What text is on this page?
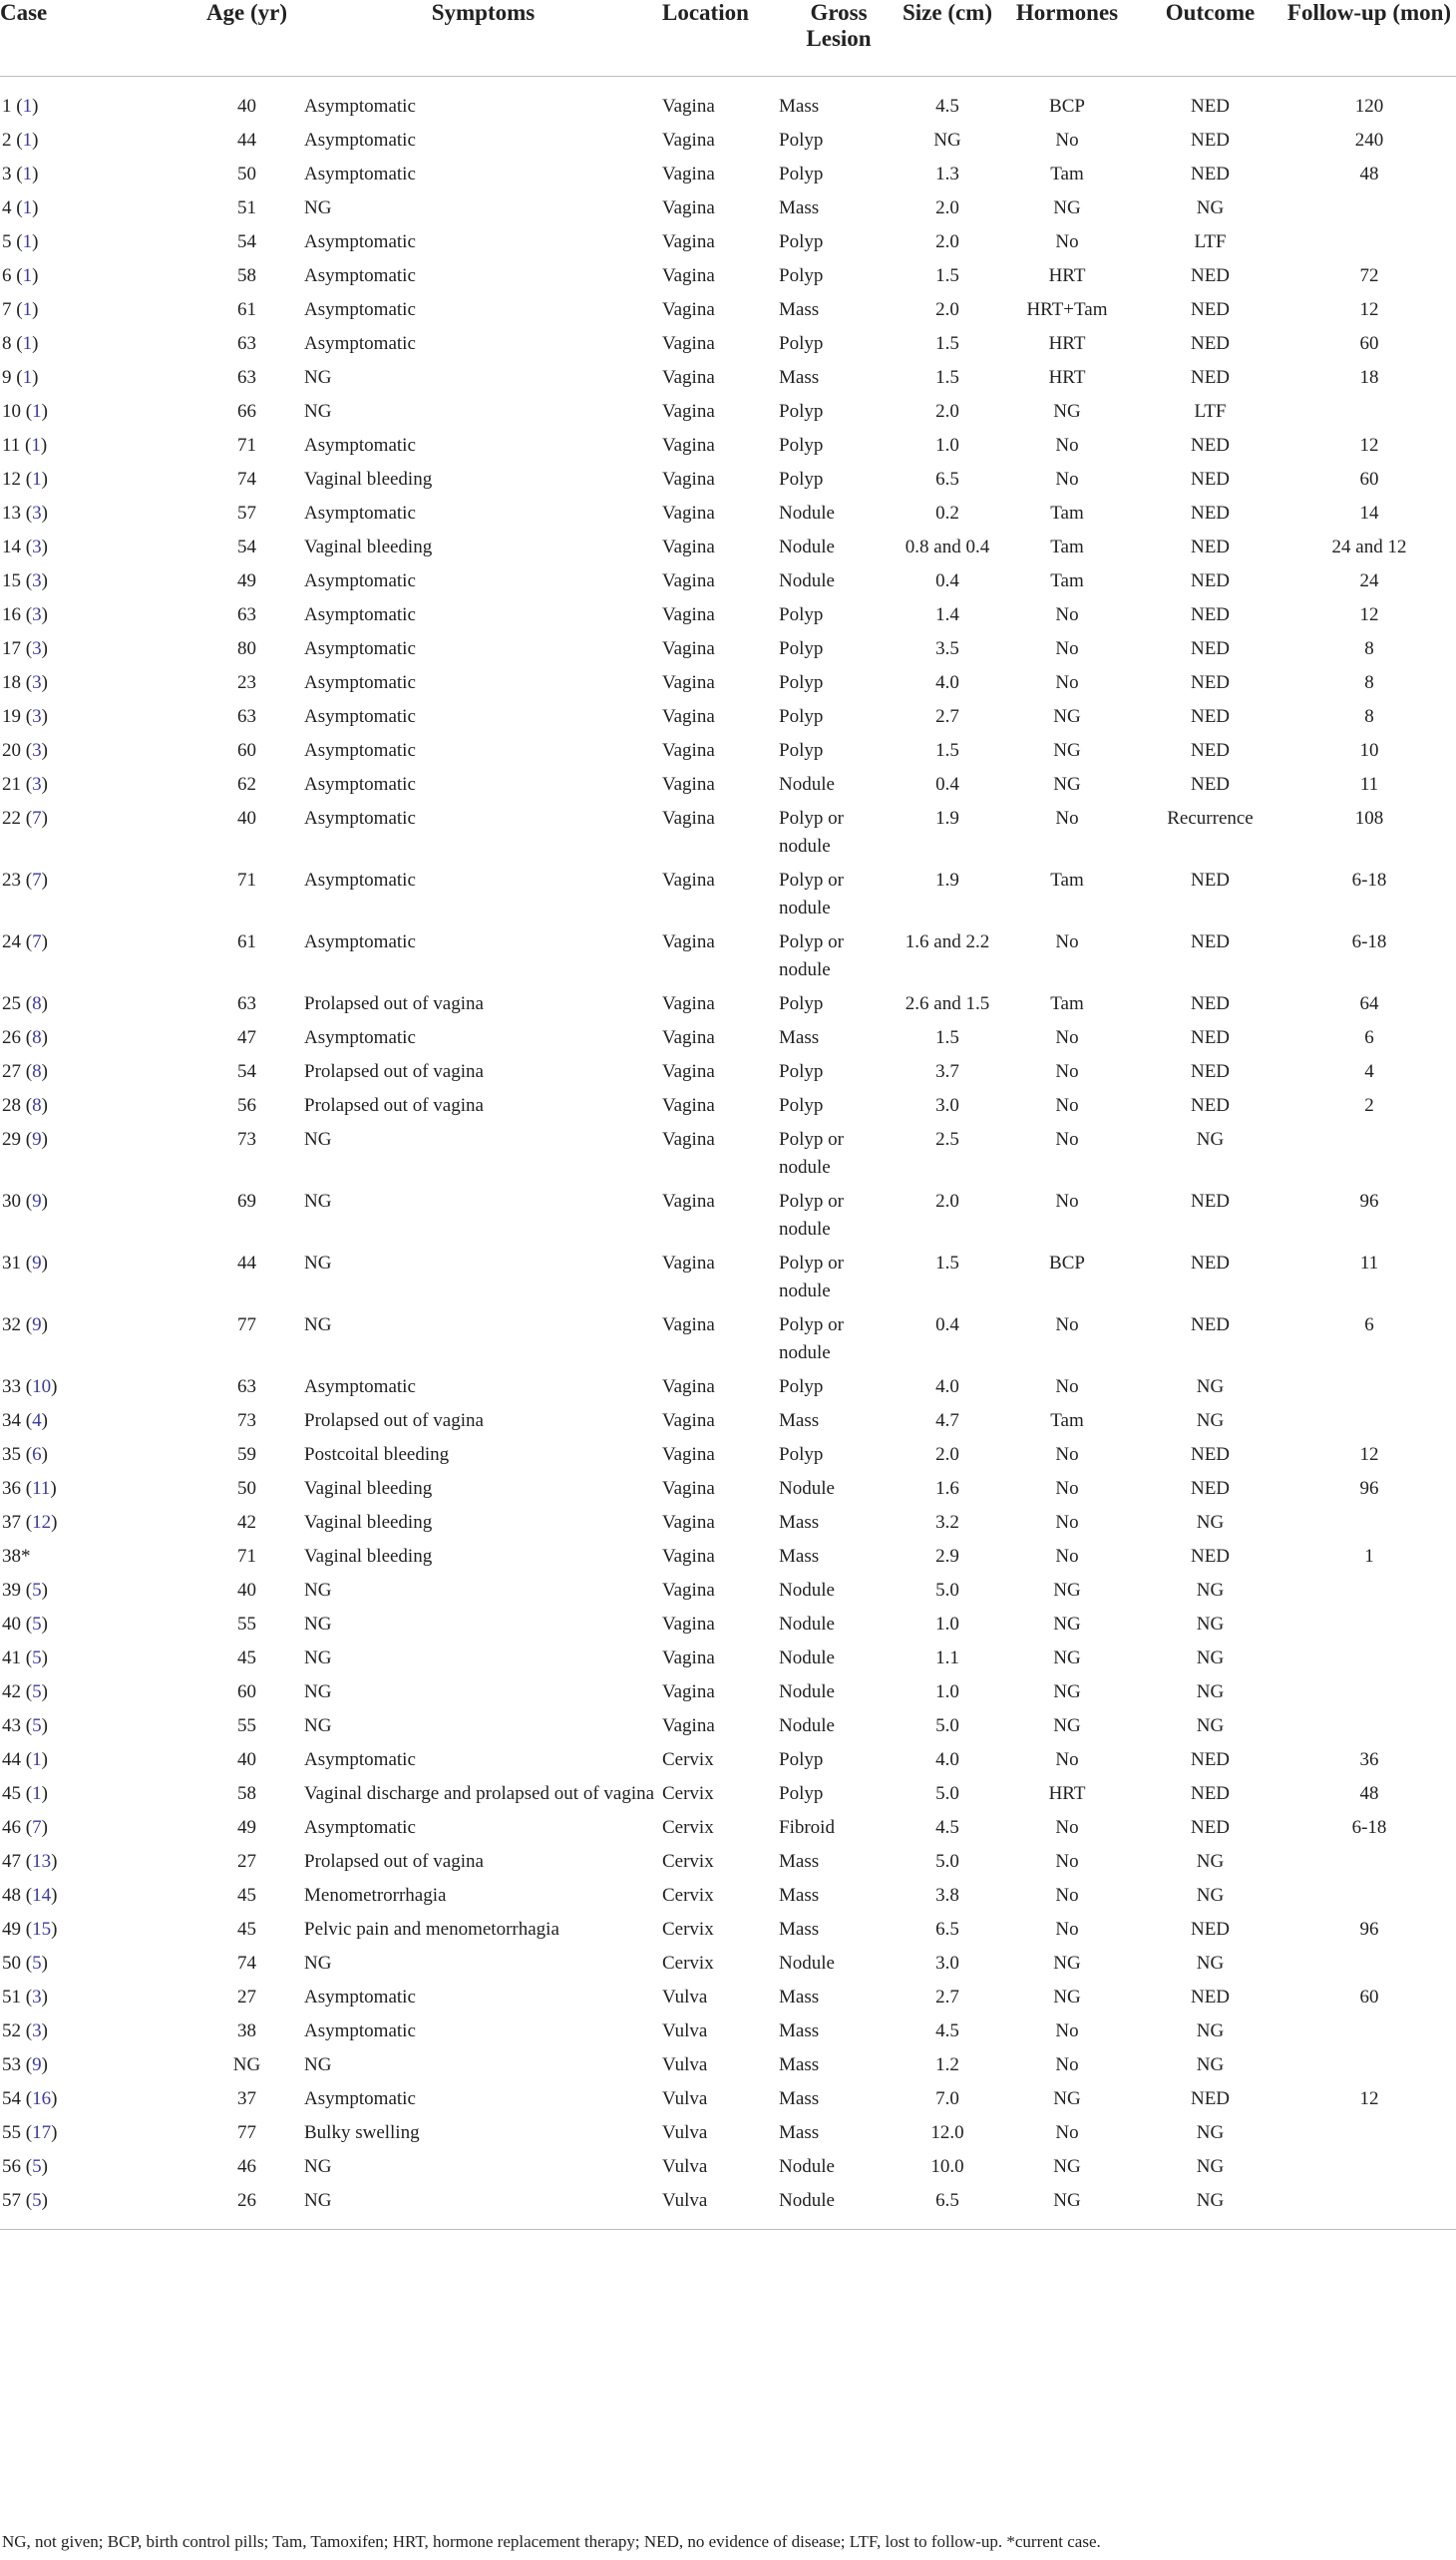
Case	Age (yr)	Symptoms	Location	Gross Lesion	Size (cm)	Hormones	Outcome	Follow-up (mon)
1 (1)	40	Asymptomatic	Vagina	Mass	4.5	BCP	NED	120
2 (1)	44	Asymptomatic	Vagina	Polyp	NG	No	NED	240
3 (1)	50	Asymptomatic	Vagina	Polyp	1.3	Tam	NED	48
4 (1)	51	NG	Vagina	Mass	2.0	NG	NG	
5 (1)	54	Asymptomatic	Vagina	Polyp	2.0	No	LTF	
6 (1)	58	Asymptomatic	Vagina	Polyp	1.5	HRT	NED	72
7 (1)	61	Asymptomatic	Vagina	Mass	2.0	HRT+Tam	NED	12
8 (1)	63	Asymptomatic	Vagina	Polyp	1.5	HRT	NED	60
9 (1)	63	NG	Vagina	Mass	1.5	HRT	NED	18
10 (1)	66	NG	Vagina	Polyp	2.0	NG	LTF	
11 (1)	71	Asymptomatic	Vagina	Polyp	1.0	No	NED	12
12 (1)	74	Vaginal bleeding	Vagina	Polyp	6.5	No	NED	60
13 (3)	57	Asymptomatic	Vagina	Nodule	0.2	Tam	NED	14
14 (3)	54	Vaginal bleeding	Vagina	Nodule	0.8 and 0.4	Tam	NED	24 and 12
15 (3)	49	Asymptomatic	Vagina	Nodule	0.4	Tam	NED	24
16 (3)	63	Asymptomatic	Vagina	Polyp	1.4	No	NED	12
17 (3)	80	Asymptomatic	Vagina	Polyp	3.5	No	NED	8
18 (3)	23	Asymptomatic	Vagina	Polyp	4.0	No	NED	8
19 (3)	63	Asymptomatic	Vagina	Polyp	2.7	NG	NED	8
20 (3)	60	Asymptomatic	Vagina	Polyp	1.5	NG	NED	10
21 (3)	62	Asymptomatic	Vagina	Nodule	0.4	NG	NED	11
22 (7)	40	Asymptomatic	Vagina	Polyp or nodule	1.9	No	Recurrence	108
23 (7)	71	Asymptomatic	Vagina	Polyp or nodule	1.9	Tam	NED	6-18
24 (7)	61	Asymptomatic	Vagina	Polyp or nodule	1.6 and 2.2	No	NED	6-18
25 (8)	63	Prolapsed out of vagina	Vagina	Polyp	2.6 and 1.5	Tam	NED	64
26 (8)	47	Asymptomatic	Vagina	Mass	1.5	No	NED	6
27 (8)	54	Prolapsed out of vagina	Vagina	Polyp	3.7	No	NED	4
28 (8)	56	Prolapsed out of vagina	Vagina	Polyp	3.0	No	NED	2
29 (9)	73	NG	Vagina	Polyp or nodule	2.5	No	NG	
30 (9)	69	NG	Vagina	Polyp or nodule	2.0	No	NED	96
31 (9)	44	NG	Vagina	Polyp or nodule	1.5	BCP	NED	11
32 (9)	77	NG	Vagina	Polyp or nodule	0.4	No	NED	6
33 (10)	63	Asymptomatic	Vagina	Polyp	4.0	No	NG	
34 (4)	73	Prolapsed out of vagina	Vagina	Mass	4.7	Tam	NG	
35 (6)	59	Postcoital bleeding	Vagina	Polyp	2.0	No	NED	12
36 (11)	50	Vaginal bleeding	Vagina	Nodule	1.6	No	NED	96
37 (12)	42	Vaginal bleeding	Vagina	Mass	3.2	No	NG	
38*	71	Vaginal bleeding	Vagina	Mass	2.9	No	NED	1
39 (5)	40	NG	Vagina	Nodule	5.0	NG	NG	
40 (5)	55	NG	Vagina	Nodule	1.0	NG	NG	
41 (5)	45	NG	Vagina	Nodule	1.1	NG	NG	
42 (5)	60	NG	Vagina	Nodule	1.0	NG	NG	
43 (5)	55	NG	Vagina	Nodule	5.0	NG	NG	
44 (1)	40	Asymptomatic	Cervix	Polyp	4.0	No	NED	36
45 (1)	58	Vaginal discharge and prolapsed out of vagina	Cervix	Polyp	5.0	HRT	NED	48
46 (7)	49	Asymptomatic	Cervix	Fibroid	4.5	No	NED	6-18
47 (13)	27	Prolapsed out of vagina	Cervix	Mass	5.0	No	NG	
48 (14)	45	Menometrorrhagia	Cervix	Mass	3.8	No	NG	
49 (15)	45	Pelvic pain and menometorrhagia	Cervix	Mass	6.5	No	NED	96
50 (5)	74	NG	Cervix	Nodule	3.0	NG	NG	
51 (3)	27	Asymptomatic	Vulva	Mass	2.7	NG	NED	60
52 (3)	38	Asymptomatic	Vulva	Mass	4.5	No	NG	
53 (9)	NG	NG	Vulva	Mass	1.2	No	NG	
54 (16)	37	Asymptomatic	Vulva	Mass	7.0	NG	NED	12
55 (17)	77	Bulky swelling	Vulva	Mass	12.0	No	NG	
56 (5)	46	NG	Vulva	Nodule	10.0	NG	NG	
57 (5)	26	NG	Vulva	Nodule	6.5	NG	NG	
NG, not given; BCP, birth control pills; Tam, Tamoxifen; HRT, hormone replacement therapy; NED, no evidence of disease; LTF, lost to follow-up. *current case.
